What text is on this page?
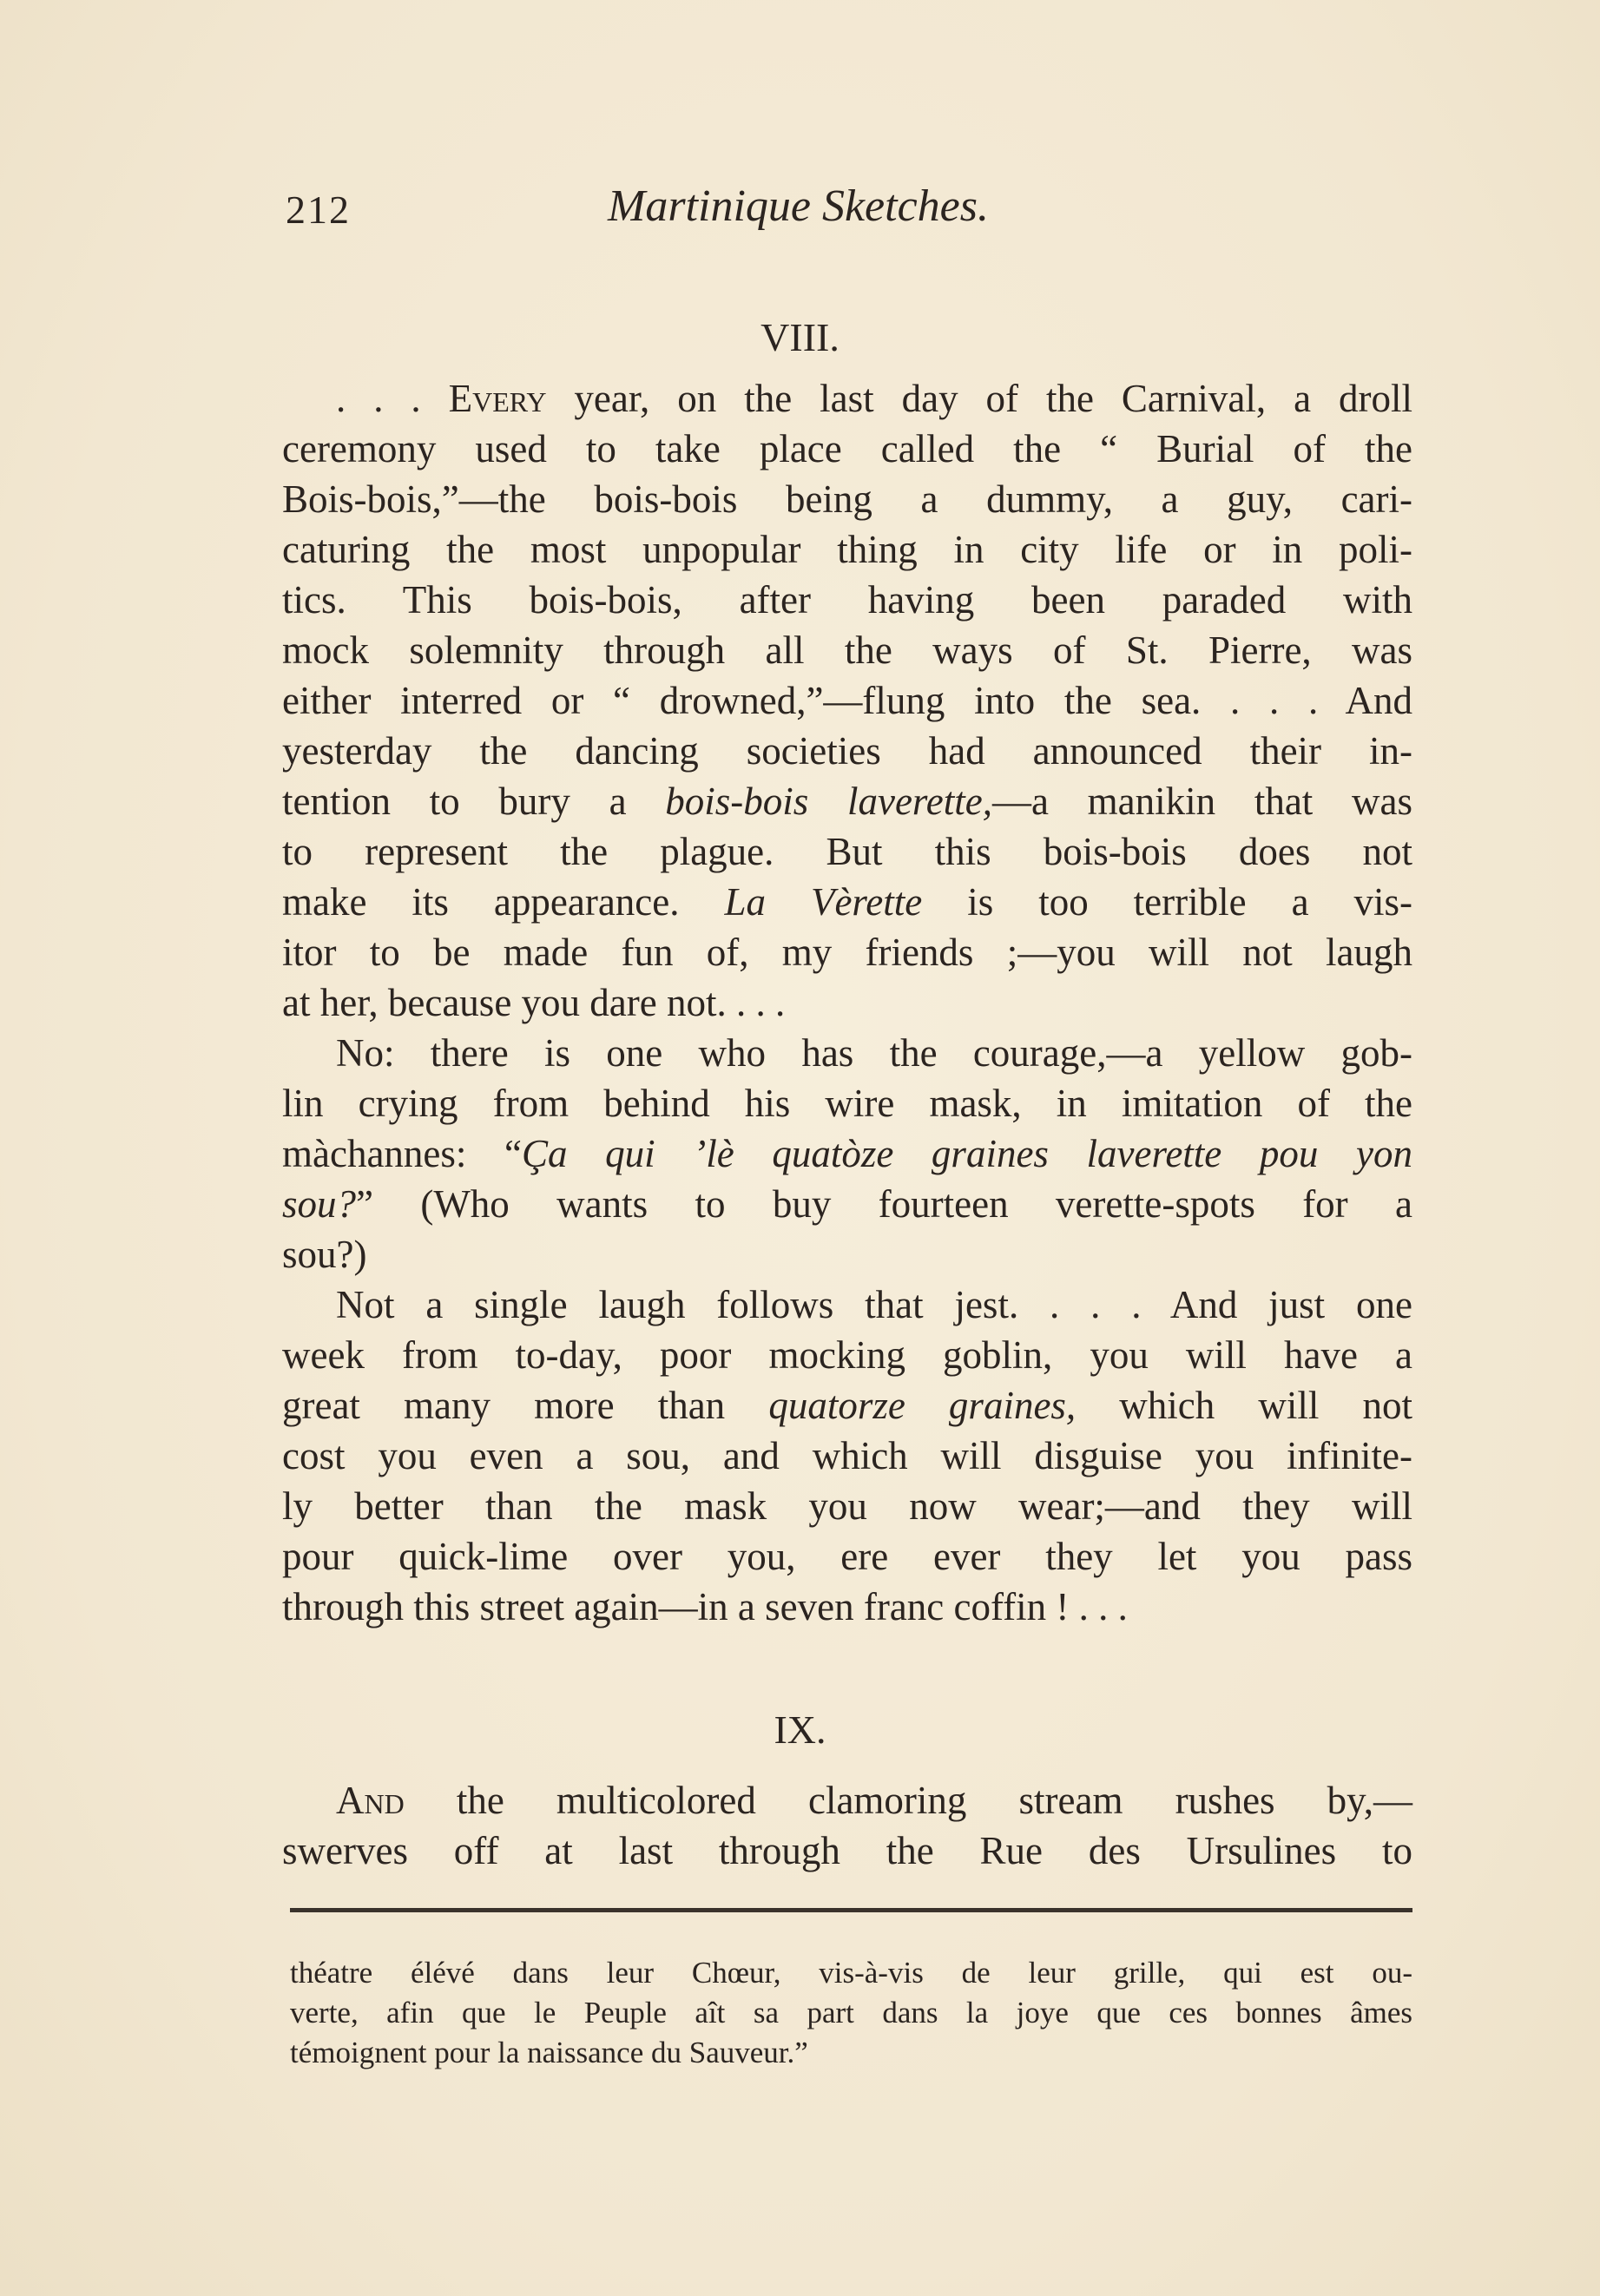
212	Martinique Sketches.
VIII.
. . . Every year, on the last day of the Carnival, a droll
ceremony used to take place called the “ Burial of the
Bois-bois,”—the bois-bois being a dummy, a guy, cari-
caturing the most unpopular thing in city life or in poli-
tics. This bois-bois, after having been paraded with
mock solemnity through all the ways of St. Pierre, was
either interred or “ drowned,”—flung into the sea. . . . And
yesterday the dancing societies had announced their in-
tention to bury a bois-bois laverette,—a manikin that was
to represent the plague. But this bois-bois does not
make its appearance. La Vèrette is too terrible a vis-
itor to be made fun of, my friends ;—you will not laugh
at her, because you dare not. . . .
No: there is one who has the courage,—a yellow gob-
lin crying from behind his wire mask, in imitation of the
màchannes: “Ça qui ’lè quatòze graines laverette pou yon
sou?” (Who wants to buy fourteen verette-spots for a
sou?)
Not a single laugh follows that jest. . . . And just one
week from to-day, poor mocking goblin, you will have a
great many more than quatorze graines, which will not
cost you even a sou, and which will disguise you infinite-
ly better than the mask you now wear;—and they will
pour quick-lime over you, ere ever they let you pass
through this street again—in a seven franc coffin ! . . .
IX.
And the multicolored clamoring stream rushes by,—
swerves off at last through the Rue des Ursulines to
théatre élévé dans leur Chœur, vis-à-vis de leur grille, qui est ou-
verte, afin que le Peuple aît sa part dans la joye que ces bonnes âmes
témoignent pour la naissance du Sauveur.”
